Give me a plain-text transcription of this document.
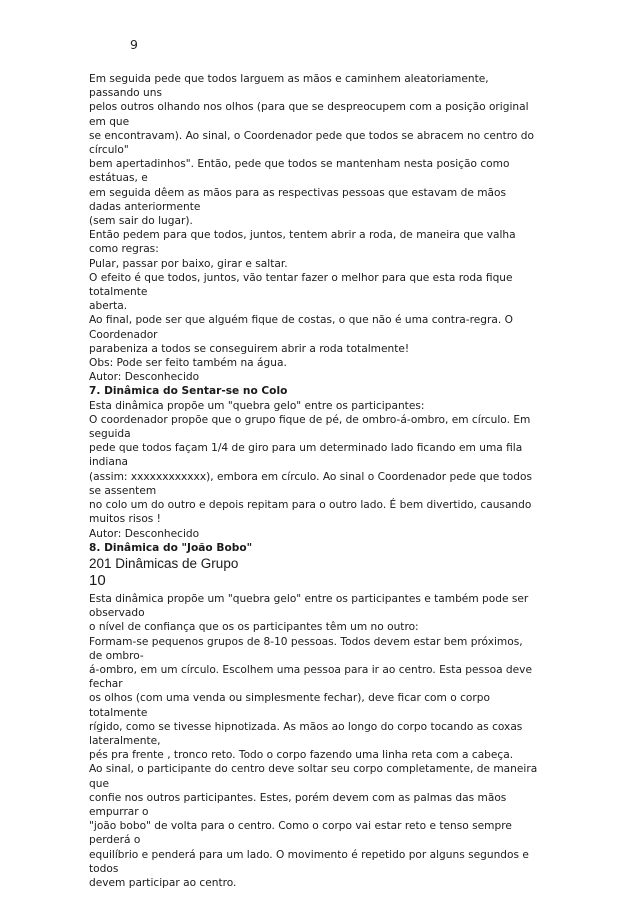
9
Em seguida pede que todos larguem as mãos e caminhem aleatoriamente,
passando uns
pelos outros olhando nos olhos (para que se despreocupem com a posição original
em que
se encontravam). Ao sinal, o Coordenador pede que todos se abracem no centro do
círculo"
bem apertadinhos". Então, pede que todos se mantenham nesta posição como
estátuas, e
em seguida dêem as mãos para as respectivas pessoas que estavam de mãos
dadas anteriormente
(sem sair do lugar).
Então pedem para que todos, juntos, tentem abrir a roda, de maneira que valha
como regras:
Pular, passar por baixo, girar e saltar.
O efeito é que todos, juntos, vão tentar fazer o melhor para que esta roda fique
totalmente
aberta.
Ao final, pode ser que alguém fique de costas, o que não é uma contra-regra. O
Coordenador
parabeniza a todos se conseguirem abrir a roda totalmente!
Obs: Pode ser feito também na água.
Autor: Desconhecido
7. Dinâmica do Sentar-se no Colo
Esta dinâmica propõe um "quebra gelo" entre os participantes:
O coordenador propõe que o grupo fique de pé, de ombro-á-ombro, em círculo. Em
seguida
pede que todos façam 1/4 de giro para um determinado lado ficando em uma fila
indiana
(assim: xxxxxxxxxxxx), embora em círculo. Ao sinal o Coordenador pede que todos
se assentem
no colo um do outro e depois repitam para o outro lado. É bem divertido, causando
muitos risos !
Autor: Desconhecido
8. Dinâmica do "João Bobo"
201 Dinâmicas de Grupo
10
Esta dinâmica propõe um "quebra gelo" entre os participantes e também pode ser
observado
o nível de confiança que os os participantes têm um no outro:
Formam-se pequenos grupos de 8-10 pessoas. Todos devem estar bem próximos,
de ombro-
á-ombro, em um círculo. Escolhem uma pessoa para ir ao centro. Esta pessoa deve
fechar
os olhos (com uma venda ou simplesmente fechar), deve ficar com o corpo
totalmente
rígido, como se tivesse hipnotizada. As mãos ao longo do corpo tocando as coxas
lateralmente,
pés pra frente , tronco reto. Todo o corpo fazendo uma linha reta com a cabeça.
Ao sinal, o participante do centro deve soltar seu corpo completamente, de maneira
que
confie nos outros participantes. Estes, porém devem com as palmas das mãos
empurrar o
"joão bobo" de volta para o centro. Como o corpo vai estar reto e tenso sempre
perderá o
equilíbrio e penderá para um lado. O movimento é repetido por alguns segundos e
todos
devem participar ao centro.
